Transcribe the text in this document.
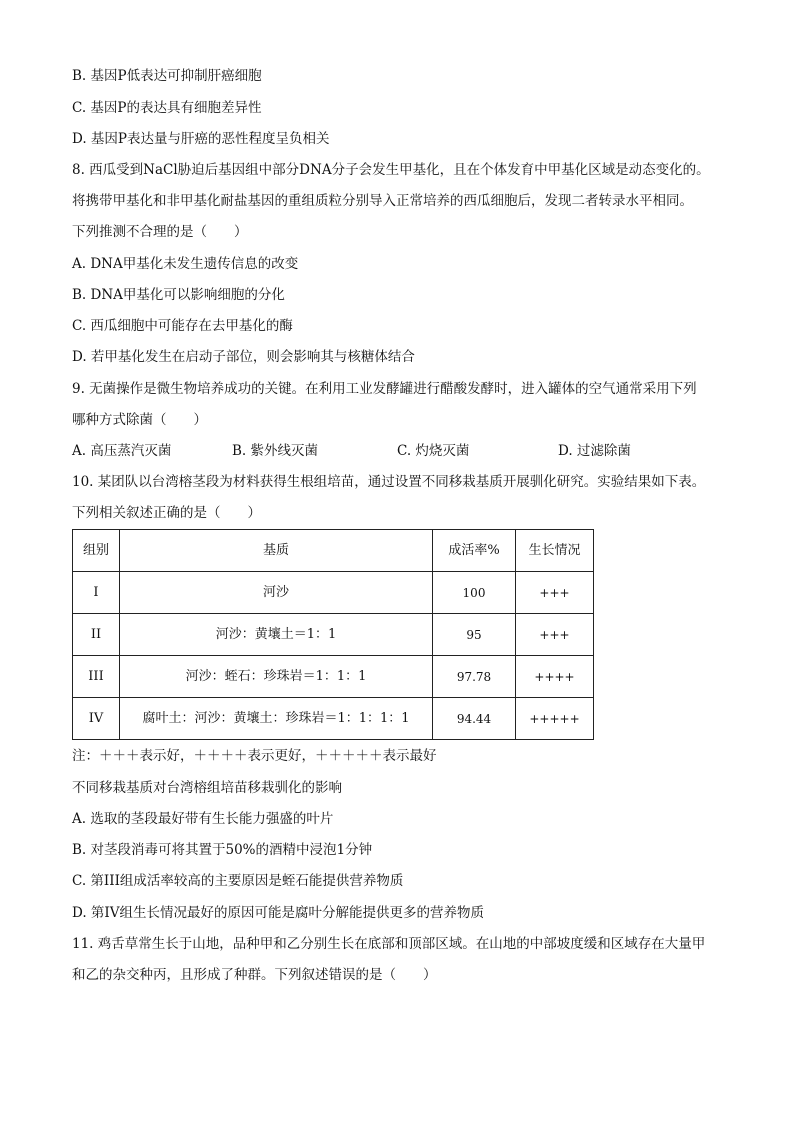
B. 基因P低表达可抑制肝癌细胞
C. 基因P的表达具有细胞差异性
D. 基因P表达量与肝癌的恶性程度呈负相关
8. 西瓜受到NaCl胁迫后基因组中部分DNA分子会发生甲基化，且在个体发育中甲基化区域是动态变化的。
将携带甲基化和非甲基化耐盐基因的重组质粒分别导入正常培养的西瓜细胞后，发现二者转录水平相同。
下列推测不合理的是（　　）
A. DNA甲基化未发生遗传信息的改变
B. DNA甲基化可以影响细胞的分化
C. 西瓜细胞中可能存在去甲基化的酶
D. 若甲基化发生在启动子部位，则会影响其与核糖体结合
9. 无菌操作是微生物培养成功的关键。在利用工业发酵罐进行醋酸发酵时，进入罐体的空气通常采用下列
哪种方式除菌（　　）
A. 高压蒸汽灭菌	B. 紫外线灭菌	C. 灼烧灭菌	D. 过滤除菌
10. 某团队以台湾榕茎段为材料获得生根组培苗，通过设置不同移栽基质开展驯化研究。实验结果如下表。
下列相关叙述正确的是（　　）
组别	基质	成活率%	生长情况
I	河沙	100	+++
II	河沙：黄壤土＝1：1	95	+++
III	河沙：蛭石：珍珠岩＝1：1：1	97.78	++++
IV	腐叶土：河沙：黄壤土：珍珠岩＝1：1：1：1	94.44	+++++
注：＋＋＋表示好，＋＋＋＋表示更好，＋＋＋＋＋表示最好
不同移栽基质对台湾榕组培苗移栽驯化的影响
A. 选取的茎段最好带有生长能力强盛的叶片
B. 对茎段消毒可将其置于50%的酒精中浸泡1分钟
C. 第III组成活率较高的主要原因是蛭石能提供营养物质
D. 第IV组生长情况最好的原因可能是腐叶分解能提供更多的营养物质
11. 鸡舌草常生长于山地，品种甲和乙分别生长在底部和顶部区域。在山地的中部坡度缓和区域存在大量甲
和乙的杂交种丙，且形成了种群。下列叙述错误的是（　　）
